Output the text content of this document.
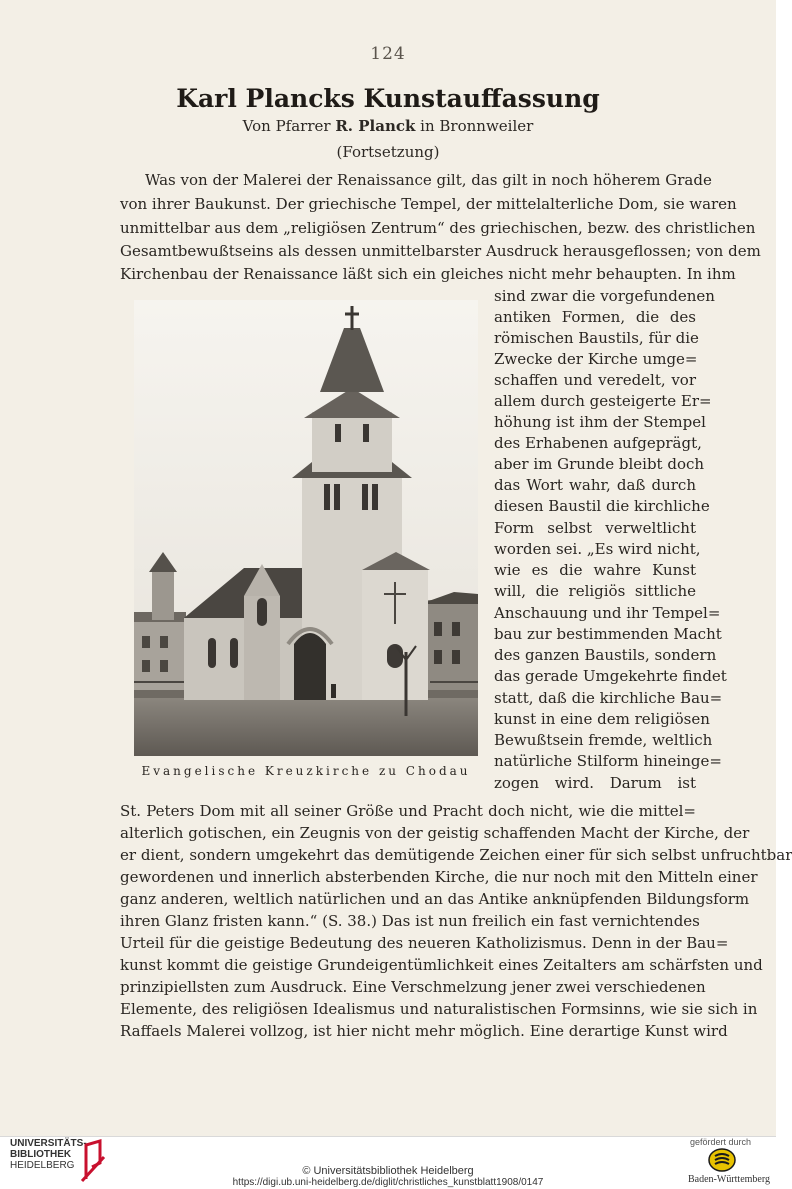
124
Karl Plancks Kunstauffassung
Von Pfarrer R. Planck in Bronnweiler
(Fortsetzung)
Was von der Malerei der Renaissance gilt, das gilt in noch höherem Grade
von ihrer Baukunst. Der griechische Tempel, der mittelalterliche Dom, sie waren
unmittelbar aus dem „religiösen Zentrum“ des griechischen, bezw. des christlichen
Gesamtbewußtseins als dessen unmittelbarster Ausdruck herausgeflossen; von dem
Kirchenbau der Renaissance läßt sich ein gleiches nicht mehr behaupten. In ihm
sind zwar die vorgefundenen
antiken Formen, die des
römischen Baustils, für die
Zwecke der Kirche umge=
schaffen und veredelt, vor
allem durch gesteigerte Er=
höhung ist ihm der Stempel
des Erhabenen aufgeprägt,
aber im Grunde bleibt doch
das Wort wahr, daß durch
diesen Baustil die kirchliche
Form selbst verweltlicht
worden sei. „Es wird nicht,
wie es die wahre Kunst
will, die religiös sittliche
Anschauung und ihr Tempel=
bau zur bestimmenden Macht
des ganzen Baustils, sondern
das gerade Umgekehrte findet
statt, daß die kirchliche Bau=
kunst in eine dem religiösen
Bewußtsein fremde, weltlich
natürliche Stilform hineinge=
zogen wird. Darum ist
Evangelische Kreuzkirche zu Chodau
St. Peters Dom mit all seiner Größe und Pracht doch nicht, wie die mittel=
alterlich gotischen, ein Zeugnis von der geistig schaffenden Macht der Kirche, der
er dient, sondern umgekehrt das demütigende Zeichen einer für sich selbst unfruchtbar
gewordenen und innerlich absterbenden Kirche, die nur noch mit den Mitteln einer
ganz anderen, weltlich natürlichen und an das Antike anknüpfenden Bildungsform
ihren Glanz fristen kann.“ (S. 38.) Das ist nun freilich ein fast vernichtendes
Urteil für die geistige Bedeutung des neueren Katholizismus. Denn in der Bau=
kunst kommt die geistige Grundeigentümlichkeit eines Zeitalters am schärfsten und
prinzipiellsten zum Ausdruck. Eine Verschmelzung jener zwei verschiedenen
Elemente, des religiösen Idealismus und naturalistischen Formsinns, wie sie sich in
Raffaels Malerei vollzog, ist hier nicht mehr möglich. Eine derartige Kunst wird
UNIVERSITÄTS-
BIBLIOTHEK
HEIDELBERG	© Universitätsbibliothek Heidelberg
https://digi.ub.uni-heidelberg.de/diglit/christliches_kunstblatt1908/0147
gefördert durch
Baden-Württemberg
